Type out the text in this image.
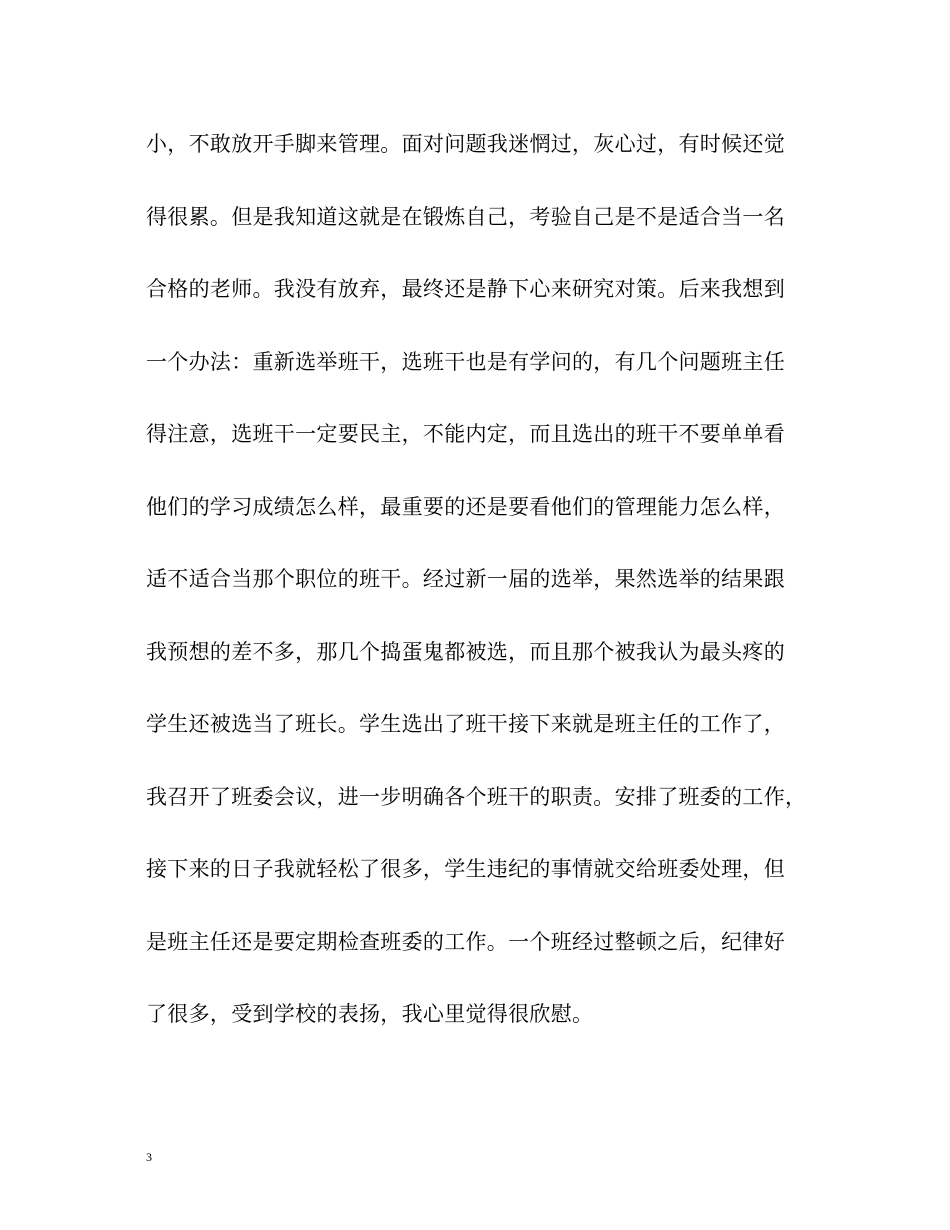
小，不敢放开手脚来管理。面对问题我迷惘过，灰心过，有时候还觉
得很累。但是我知道这就是在锻炼自己，考验自己是不是适合当一名
合格的老师。我没有放弃，最终还是静下心来研究对策。后来我想到
一个办法：重新选举班干，选班干也是有学问的，有几个问题班主任
得注意，选班干一定要民主，不能内定，而且选出的班干不要单单看
他们的学习成绩怎么样，最重要的还是要看他们的管理能力怎么样，
适不适合当那个职位的班干。经过新一届的选举，果然选举的结果跟
我预想的差不多，那几个捣蛋鬼都被选，而且那个被我认为最头疼的
学生还被选当了班长。学生选出了班干接下来就是班主任的工作了，
我召开了班委会议，进一步明确各个班干的职责。安排了班委的工作，
接下来的日子我就轻松了很多，学生违纪的事情就交给班委处理，但
是班主任还是要定期检查班委的工作。一个班经过整顿之后，纪律好
了很多，受到学校的表扬，我心里觉得很欣慰。
3
